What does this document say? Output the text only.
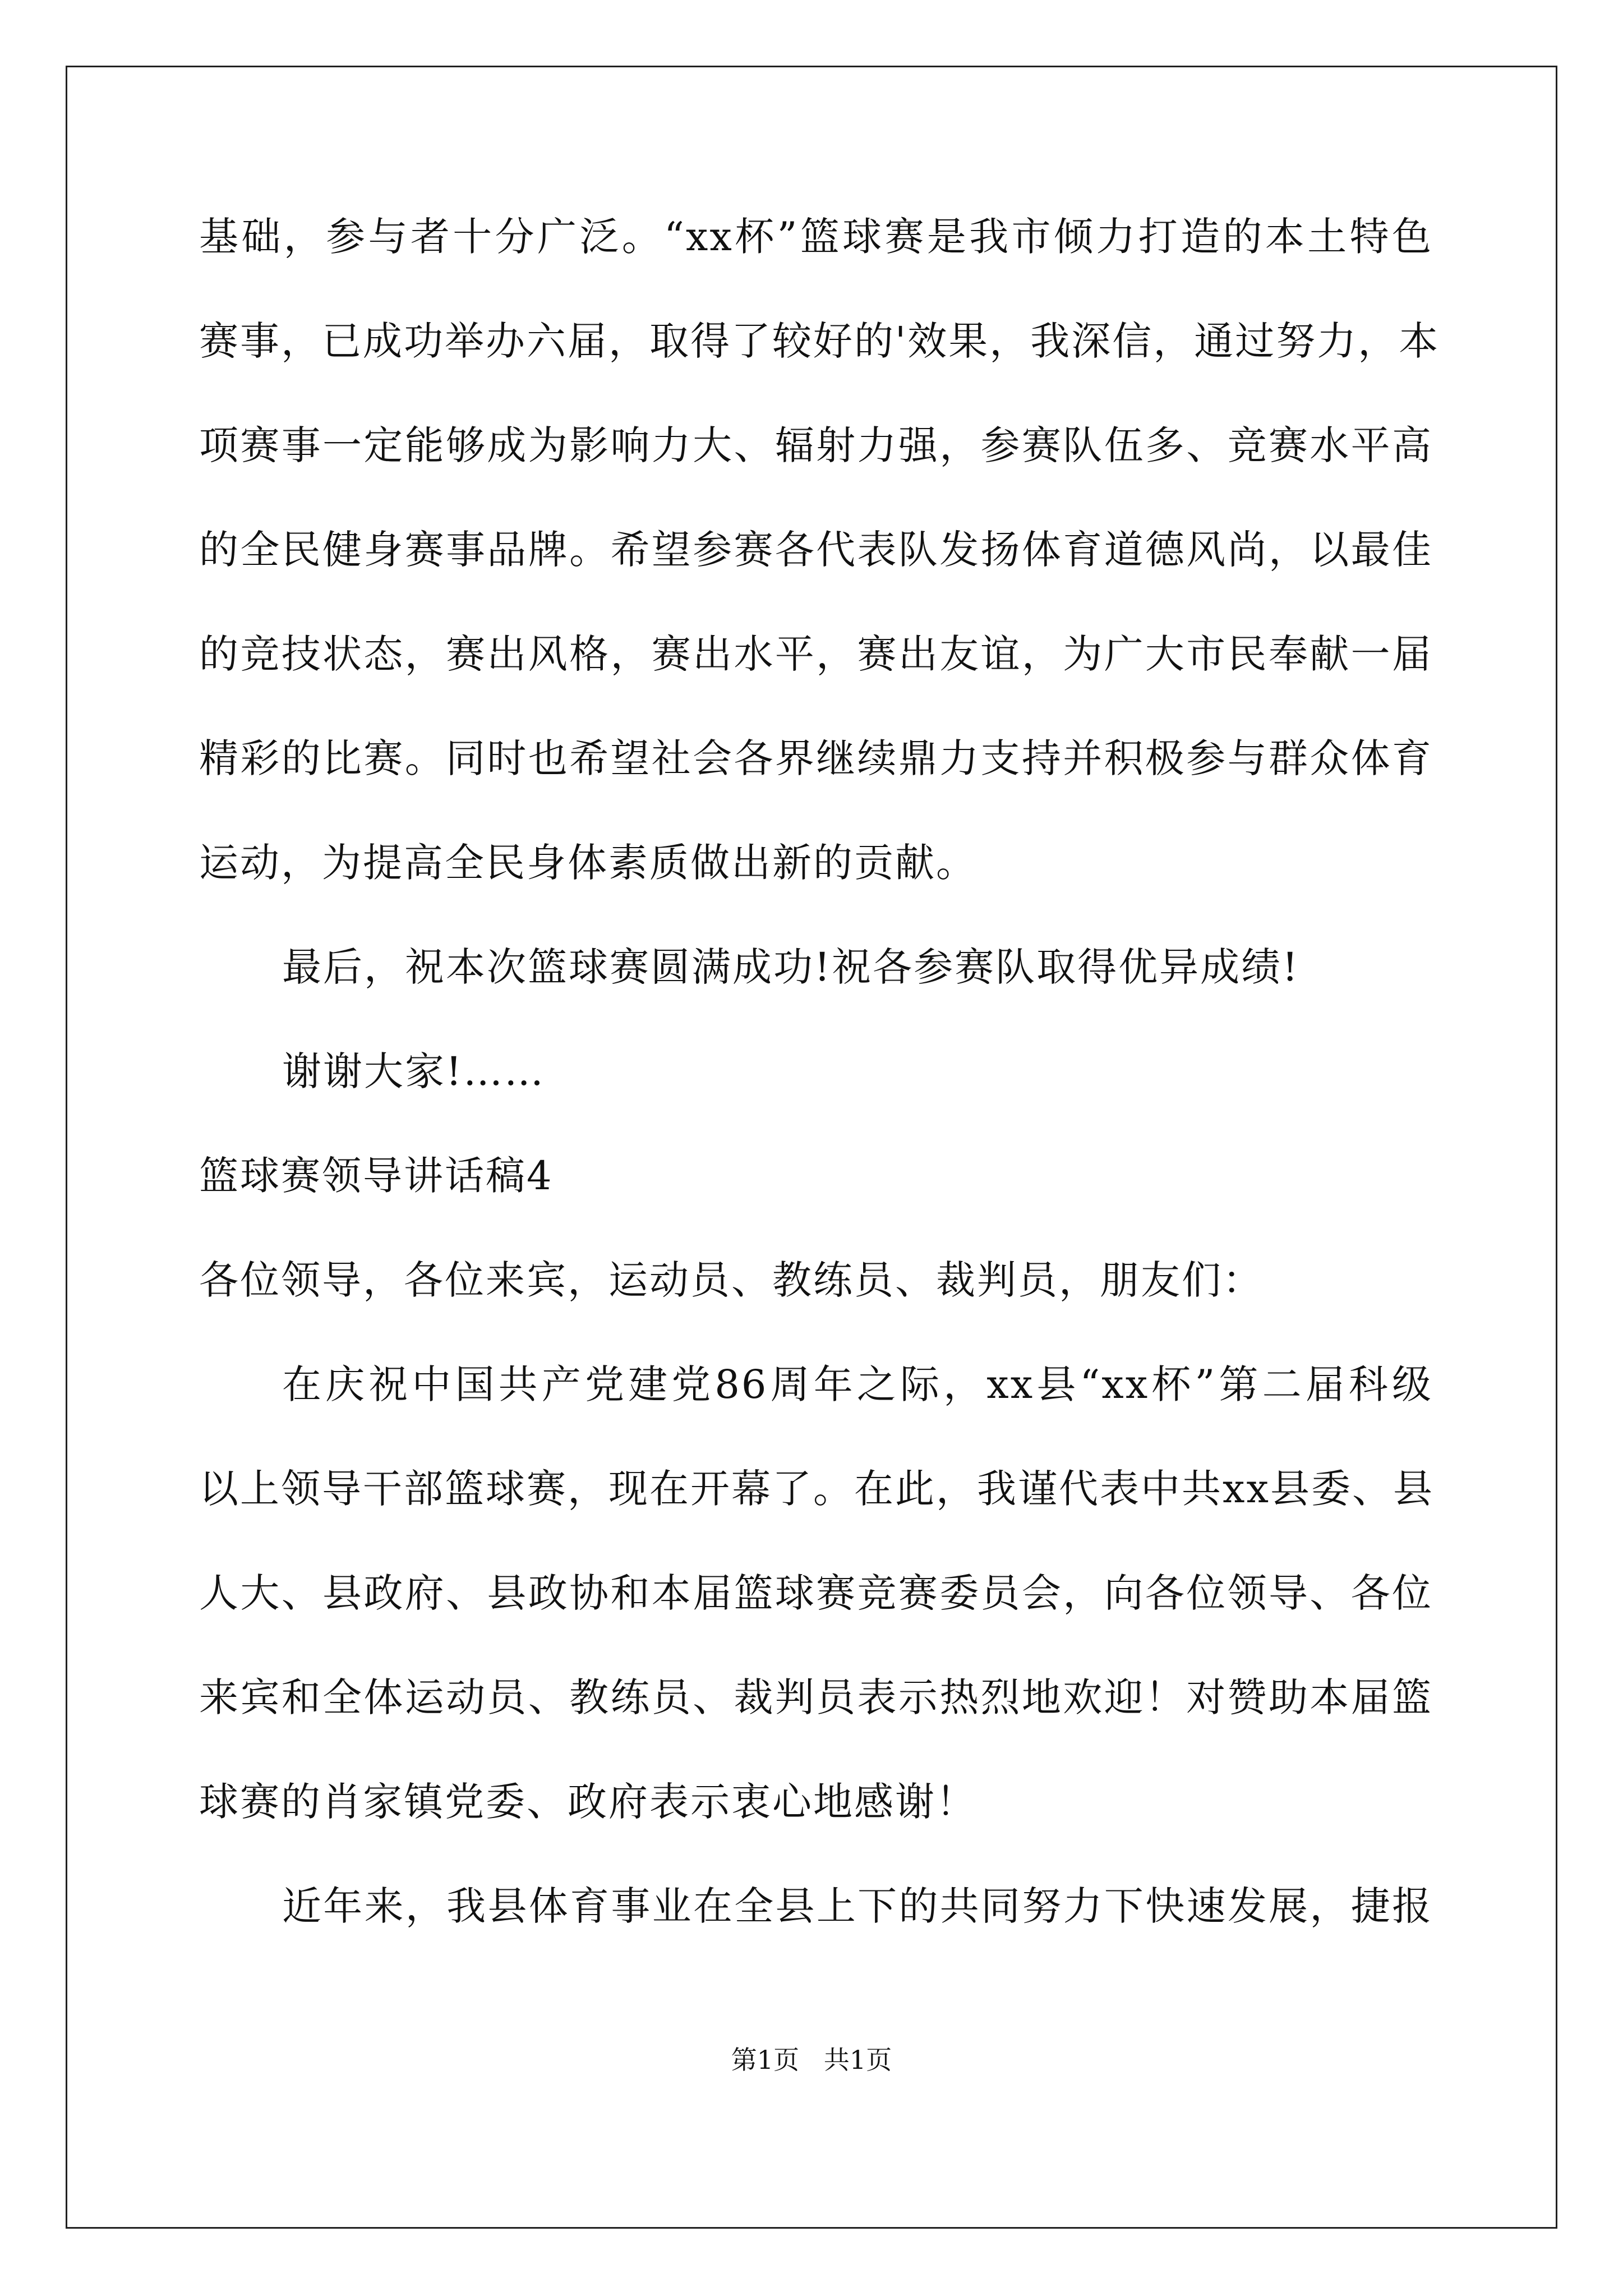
基础，参与者十分广泛。“xx杯”篮球赛是我市倾力打造的本土特色
赛事，已成功举办六届，取得了较好的'效果，我深信，通过努力，本
项赛事一定能够成为影响力大、辐射力强，参赛队伍多、竞赛水平高
的全民健身赛事品牌。希望参赛各代表队发扬体育道德风尚，以最佳
的竞技状态，赛出风格，赛出水平，赛出友谊，为广大市民奉献一届
精彩的比赛。同时也希望社会各界继续鼎力支持并积极参与群众体育
运动，为提高全民身体素质做出新的贡献。
最后，祝本次篮球赛圆满成功!祝各参赛队取得优异成绩!
谢谢大家!……
篮球赛领导讲话稿4
各位领导，各位来宾，运动员、教练员、裁判员，朋友们：
在庆祝中国共产党建党86周年之际，xx县“xx杯”第二届科级
以上领导干部篮球赛，现在开幕了。在此，我谨代表中共xx县委、县
人大、县政府、县政协和本届篮球赛竞赛委员会，向各位领导、各位
来宾和全体运动员、教练员、裁判员表示热烈地欢迎！对赞助本届篮
球赛的肖家镇党委、政府表示衷心地感谢！
近年来，我县体育事业在全县上下的共同努力下快速发展，捷报
第1页   共1页
